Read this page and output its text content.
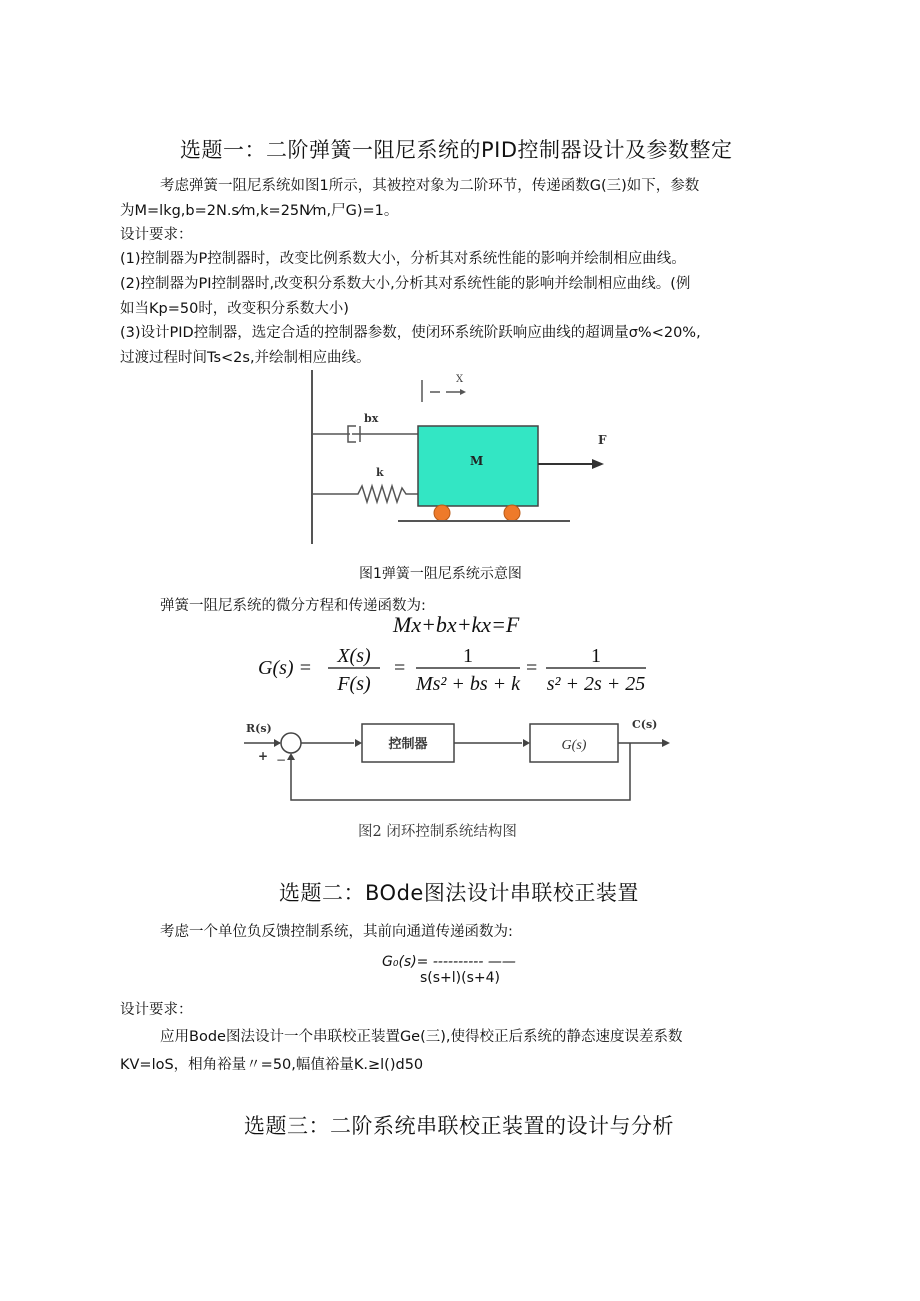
选题一：二阶弹簧一阻尼系统的PID控制器设计及参数整定
考虑弹簧一阻尼系统如图1所示，其被控对象为二阶环节，传递函数G(三)如下，参数
为M=lkg,b=2N.s⁄m,k=25N⁄m,尸G)=1。
设计要求：
(1)控制器为P控制器时，改变比例系数大小，分析其对系统性能的影响并绘制相应曲线。
(2)控制器为PI控制器时,改变积分系数大小,分析其对系统性能的影响并绘制相应曲线。(例
如当Kp=50时，改变积分系数大小)
(3)设计PID控制器，选定合适的控制器参数，使闭环系统阶跃响应曲线的超调量σ%<20%,
过渡过程时间Ts<2s,并绘制相应曲线。
X
bx
k
M
F
图1弹簧一阻尼系统示意图
弹簧一阻尼系统的微分方程和传递函数为:
Mx+bx+kx=F
G(s) =
X(s)
F(s)
=
1
Ms² + bs + k
=
1
s² + 2s + 25
R(s)
+ −
控制器	G(s)
C(s)
图2 闭环控制系统结构图
选题二：BOde图法设计串联校正装置
考虑一个单位负反馈控制系统，其前向通道传递函数为:
G₀(s)= ---------- ——
s(s+l)(s+4)
设计要求：
应用Bode图法设计一个串联校正装置Ge(三),使得校正后系统的静态速度误差系数
KV=loS，相角裕量〃=50,幅值裕量K.≥l()d50
选题三：二阶系统串联校正装置的设计与分析
